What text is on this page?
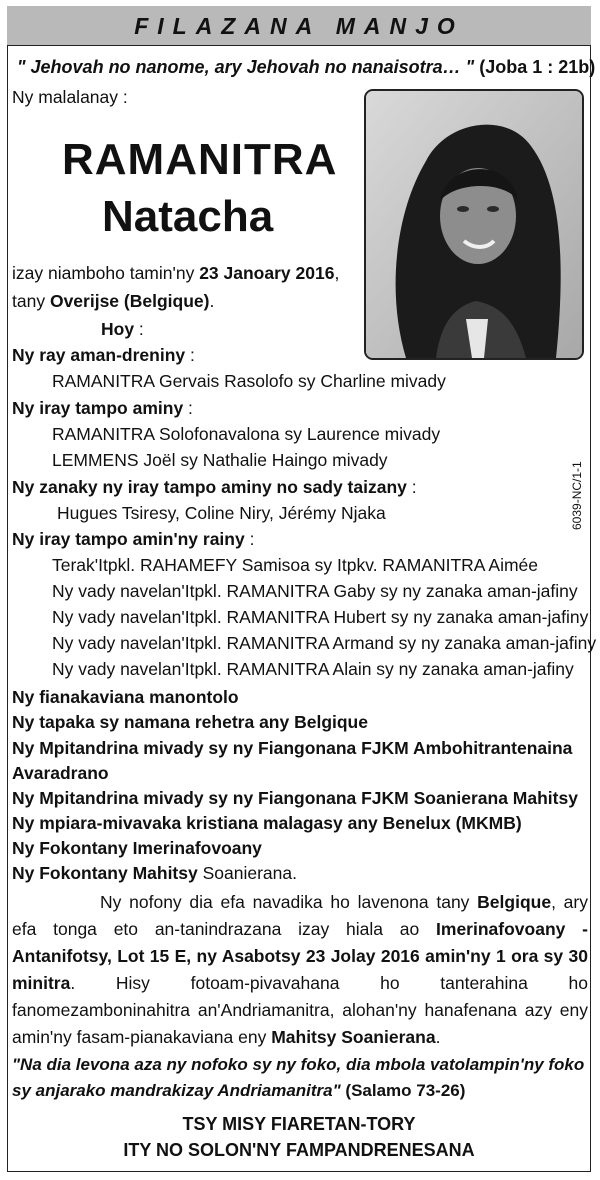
FILAZANA MANJO
" Jehovah no nanome, ary Jehovah no nanaisotra… " (Joba 1 : 21b)
Ny malalanay :
RAMANITRA
Natacha
izay niamboho tamin'ny 23 Janoary 2016,
tany Overijse (Belgique).
Hoy :
Ny ray aman-dreniny :
RAMANITRA Gervais Rasolofo sy Charline mivady
Ny iray tampo aminy :
RAMANITRA Solofonavalona sy Laurence mivady
LEMMENS Joël sy Nathalie Haingo mivady
Ny zanaky ny iray tampo aminy no sady taizany :
Hugues Tsiresy, Coline Niry, Jérémy Njaka
Ny iray tampo amin'ny rainy :
Terak'Itpkl. RAHAMEFY Samisoa sy Itpkv. RAMANITRA Aimée
Ny vady navelan'Itpkl. RAMANITRA Gaby sy ny zanaka aman-jafiny
Ny vady navelan'Itpkl. RAMANITRA Hubert sy ny zanaka aman-jafiny
Ny vady navelan'Itpkl. RAMANITRA Armand sy ny zanaka aman-jafiny
Ny vady navelan'Itpkl. RAMANITRA Alain sy ny zanaka aman-jafiny
Ny fianakaviana manontolo
Ny tapaka sy namana rehetra any Belgique
Ny Mpitandrina mivady sy ny Fiangonana FJKM Ambohitrantenaina
Avaradrano
Ny Mpitandrina mivady sy ny Fiangonana FJKM Soanierana Mahitsy
Ny mpiara-mivavaka kristiana malagasy any Benelux (MKMB)
Ny Fokontany Imerinafovoany
Ny Fokontany Mahitsy Soanierana.
Ny nofony dia efa navadika ho lavenona tany Belgique, ary efa tonga eto an-tanindrazana izay hiala ao Imerinafovoany - Antanifotsy, Lot 15 E, ny Asabotsy 23 Jolay 2016 amin'ny 1 ora sy 30 minitra. Hisy fotoam-pivavahana ho tanterahina ho fanomezamboninahitra an'Andriamanitra, alohan'ny hanafenana azy eny amin'ny fasam-pianakaviana eny Mahitsy Soanierana.
"Na dia levona aza ny nofoko sy ny foko, dia mbola vatolampin'ny foko sy anjarako mandrakizay Andriamanitra" (Salamo 73-26)
TSY MISY FIARETAN-TORY
ITY NO SOLON'NY FAMPANDRENESANA
6039-NC/1-1
